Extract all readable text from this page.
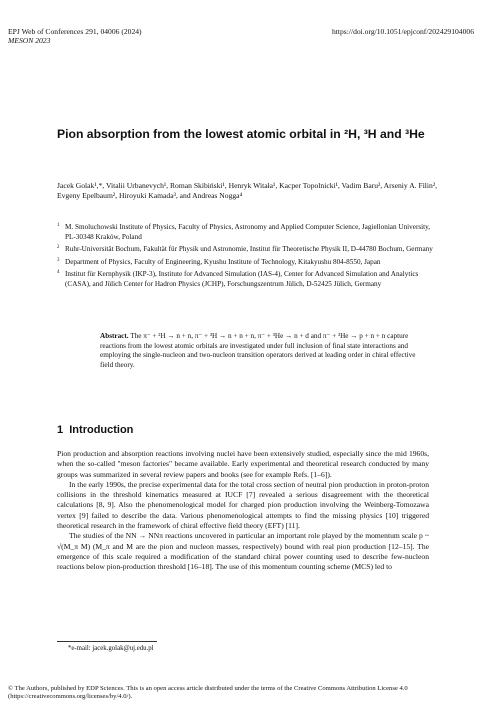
EPJ Web of Conferences 291, 04006 (2024)
MESON 2023
https://doi.org/10.1051/epjconf/202429104006
Pion absorption from the lowest atomic orbital in ²H, ³H and ³He
Jacek Golak¹,*, Vitalii Urbanevych¹, Roman Skibiński¹, Henryk Witała¹, Kacper Topolnicki¹, Vadim Baru², Arseniy A. Filin², Evgeny Epelbaum², Hiroyuki Kamada³, and Andreas Nogga⁴
1 M. Smoluchowski Institute of Physics, Faculty of Physics, Astronomy and Applied Computer Science, Jagiellonian University, PL-30348 Kraków, Poland
2 Ruhr-Universität Bochum, Fakultät für Physik und Astronomie, Institut für Theoretische Physik II, D-44780 Bochum, Germany
3 Department of Physics, Faculty of Engineering, Kyushu Institute of Technology, Kitakyushu 804-8550, Japan
4 Institut für Kernphysik (IKP-3), Institute for Advanced Simulation (IAS-4), Center for Advanced Simulation and Analytics (CASA), and Jülich Center for Hadron Physics (JCHP), Forschungszentrum Jülich, D-52425 Jülich, Germany
Abstract. The π⁻ + ²H → n + n, π⁻ + ³H → n + n + n, π⁻ + ³He → n + d and π⁻ + ³He → p + n + n capture reactions from the lowest atomic orbitals are investigated under full inclusion of final state interactions and employing the single-nucleon and two-nucleon transition operators derived at leading order in chiral effective field theory.
1 Introduction

Pion production and absorption reactions involving nuclei have been extensively studied, especially since the mid 1960s, when the so-called "meson factories" became available. Early experimental and theoretical research conducted by many groups was summarized in several review papers and books (see for example Refs. [1–6]).

In the early 1990s, the precise experimental data for the total cross section of neutral pion production in proton-proton collisions in the threshold kinematics measured at IUCF [7] revealed a serious disagreement with the theoretical calculations [8, 9]. Also the phenomenological model for charged pion production involving the Weinberg-Tomozawa vertex [9] failed to describe the data. Various phenomenological attempts to find the missing physics [10] triggered theoretical research in the framework of chiral effective field theory (EFT) [11].

The studies of the NN → NNπ reactions uncovered in particular an important role played by the momentum scale p ~ √(M_π M) (M_π and M are the pion and nucleon masses, respectively) bound with real pion production [12–15]. The emergence of this scale required a modification of the standard chiral power counting used to describe few-nucleon reactions below pion-production threshold [16–18]. The use of this momentum counting scheme (MCS) led to

*e-mail: jacek.golak@uj.edu.pl
© The Authors, published by EDP Sciences. This is an open access article distributed under the terms of the Creative Commons Attribution License 4.0 (https://creativecommons.org/licenses/by/4.0/).
